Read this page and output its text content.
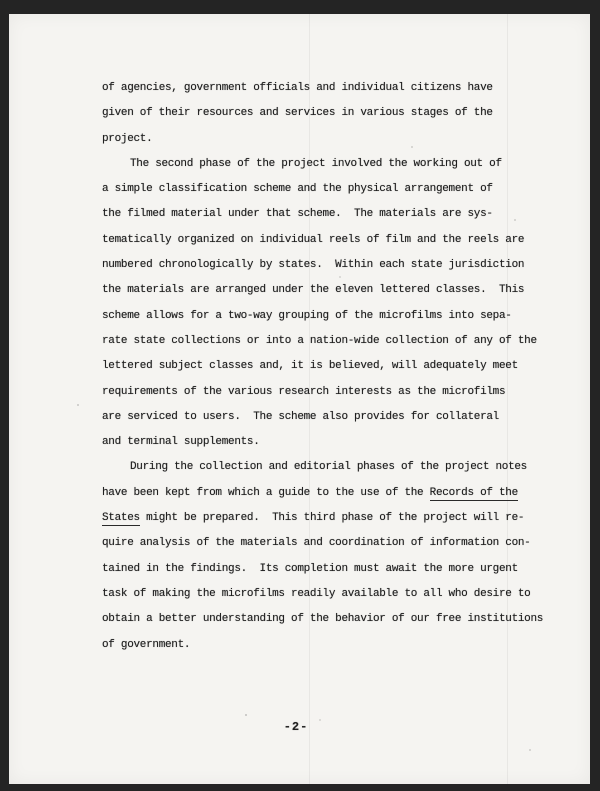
of agencies, government officials and individual citizens have
given of their resources and services in various stages of the
project.
The second phase of the project involved the working out of
a simple classification scheme and the physical arrangement of
the filmed material under that scheme.  The materials are sys-
tematically organized on individual reels of film and the reels are
numbered chronologically by states.  Within each state jurisdiction
the materials are arranged under the eleven lettered classes.  This
scheme allows for a two-way grouping of the microfilms into sepa-
rate state collections or into a nation-wide collection of any of the
lettered subject classes and, it is believed, will adequately meet
requirements of the various research interests as the microfilms
are serviced to users.  The scheme also provides for collateral
and terminal supplements.
During the collection and editorial phases of the project notes
have been kept from which a guide to the use of the Records of the
States might be prepared.  This third phase of the project will re-
quire analysis of the materials and coordination of information con-
tained in the findings.  Its completion must await the more urgent
task of making the microfilms readily available to all who desire to
obtain a better understanding of the behavior of our free institutions
of government.
-2-
